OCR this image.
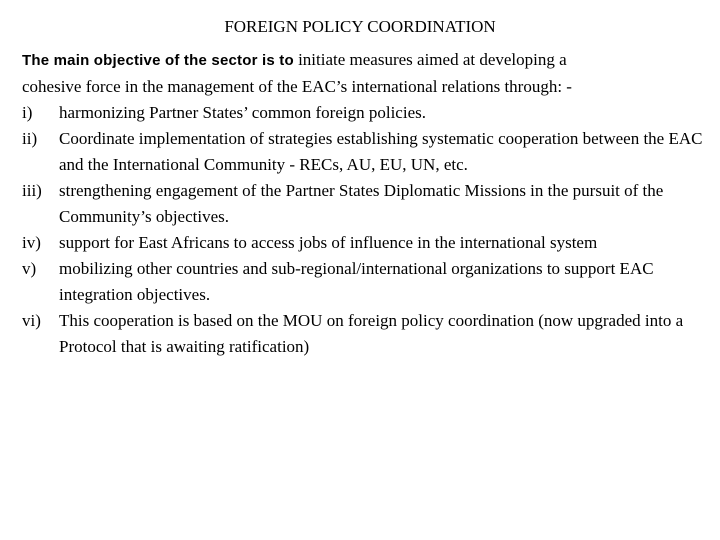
FOREIGN POLICY COORDINATION

The main objective of the sector is to initiate measures aimed at developing a cohesive force in the management of the EAC’s international relations through: -

i)	harmonizing Partner States’ common foreign policies.
ii)	Coordinate implementation of strategies establishing systematic cooperation between the EAC and the International Community - RECs, AU, EU, UN, etc.
iii)	strengthening engagement of the Partner States Diplomatic Missions in the pursuit of the Community’s objectives.
iv)	support for East Africans to access jobs of influence in the international system
v)	mobilizing other countries and sub-regional/international organizations to support EAC integration objectives.
vi)	This cooperation is based on the MOU on foreign policy coordination (now upgraded into a Protocol that is awaiting ratification)
